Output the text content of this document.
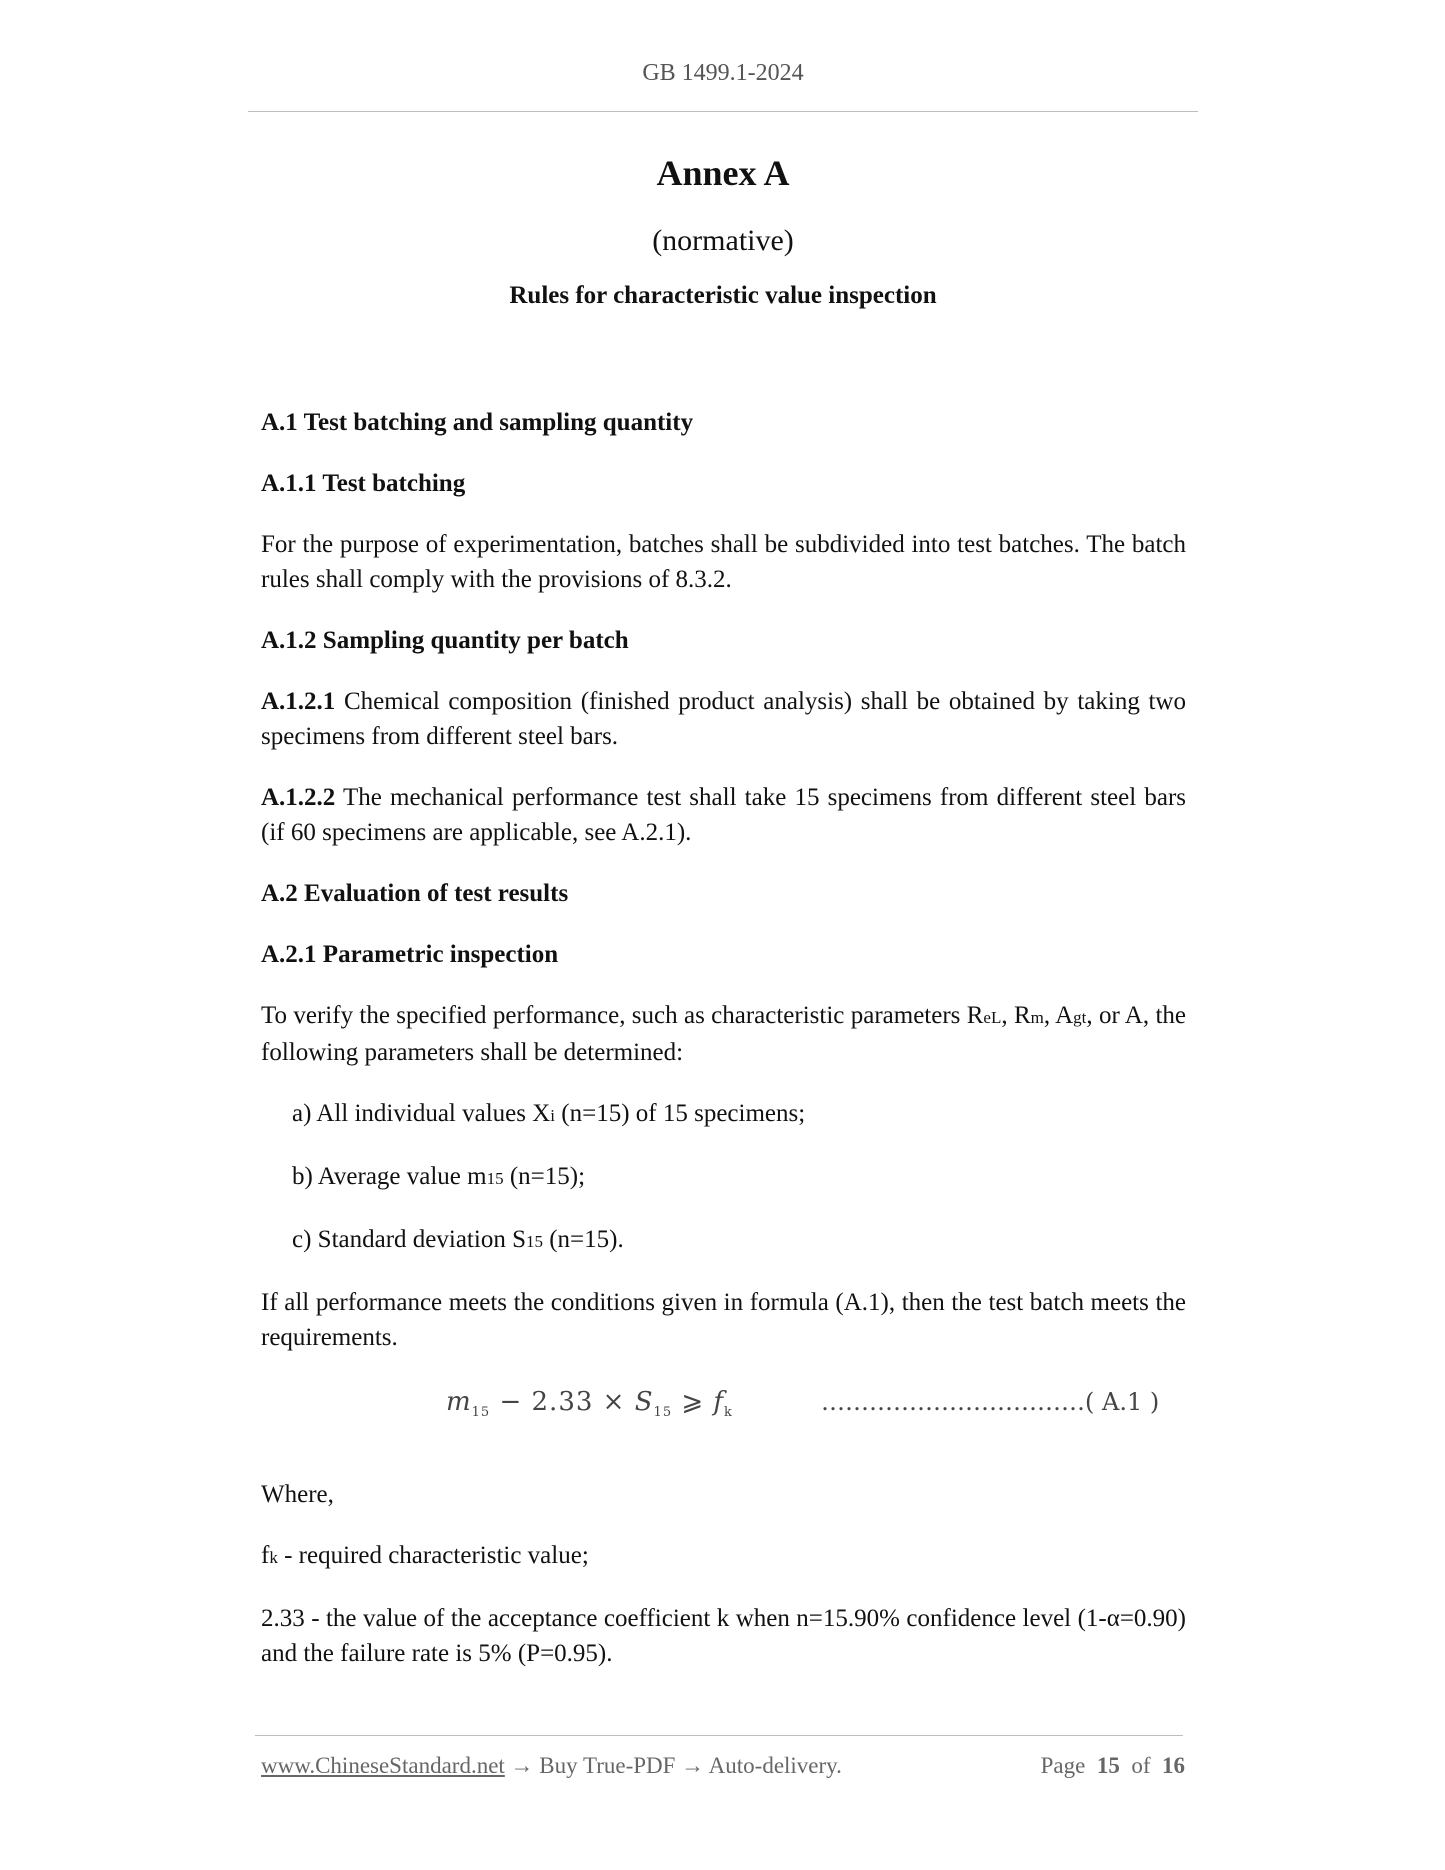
GB 1499.1-2024
Annex A
(normative)
Rules for characteristic value inspection

A.1 Test batching and sampling quantity

A.1.1 Test batching

For the purpose of experimentation, batches shall be subdivided into test batches. The batch rules shall comply with the provisions of 8.3.2.

A.1.2 Sampling quantity per batch

A.1.2.1 Chemical composition (finished product analysis) shall be obtained by taking two specimens from different steel bars.

A.1.2.2 The mechanical performance test shall take 15 specimens from different steel bars (if 60 specimens are applicable, see A.2.1).

A.2 Evaluation of test results

A.2.1 Parametric inspection

To verify the specified performance, such as characteristic parameters ReL, Rm, Agt, or A, the following parameters shall be determined:

a) All individual values Xi (n=15) of 15 specimens;

b) Average value m15 (n=15);

c) Standard deviation S15 (n=15).

If all performance meets the conditions given in formula (A.1), then the test batch meets the requirements.

$m_{15} - 2.33 \times S_{15}$ ⩾ $f_k$	……………………………( A.1 )

Where,

fk - required characteristic value;

2.33 - the value of the acceptance coefficient k when n=15.90% confidence level (1-α=0.90) and the failure rate is 5% (P=0.95).

www.ChineseStandard.net → Buy True-PDF → Auto-delivery.	Page 15 of 16
